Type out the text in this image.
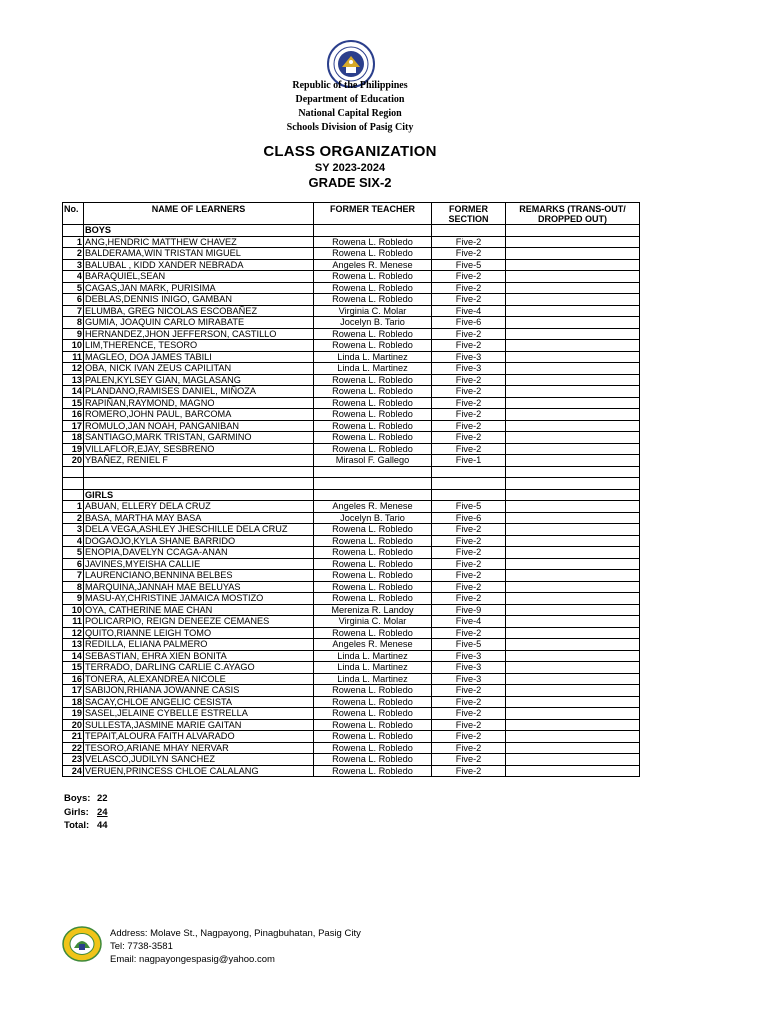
Republic of the Philippines
Department of Education
National Capital Region
Schools Division of Pasig City
CLASS ORGANIZATION
SY 2023-2024
GRADE SIX-2
No.	NAME OF LEARNERS	FORMER TEACHER	FORMER SECTION	REMARKS (TRANS-OUT/ DROPPED OUT)
	BOYS			
1	ANG,HENDRIC MATTHEW CHAVEZ	Rowena L. Robledo	Five-2	
2	BALDERAMA,WIN TRISTAN MIGUEL	Rowena L. Robledo	Five-2	
3	BALUBAL , KIDD XANDER NEBRADA	Angeles R. Menese	Five-5	
4	BARAQUIEL,SEAN	Rowena L. Robledo	Five-2	
5	CAGAS,JAN MARK, PURISIMA	Rowena L. Robledo	Five-2	
6	DEBLAS,DENNIS INIGO, GAMBAN	Rowena L. Robledo	Five-2	
7	ELUMBA, GREG NICOLAS ESCOBAÑEZ	Virginia C. Molar	Five-4	
8	GUMIA, JOAQUIN CARLO MIRABATE	Jocelyn B. Tario	Five-6	
9	HERNANDEZ,JHON JEFFERSON, CASTILLO	Rowena L. Robledo	Five-2	
10	LIM,THERENCE, TESORO	Rowena L. Robledo	Five-2	
11	MAGLEO, DOA JAMES TABILI	Linda L. Martinez	Five-3	
12	OBA, NICK IVAN ZEUS CAPILITAN	Linda L. Martinez	Five-3	
13	PALEN,KYLSEY GIAN, MAGLASANG	Rowena L. Robledo	Five-2	
14	PLANDANO,RAMISES DANIEL, MIÑOZA	Rowena L. Robledo	Five-2	
15	RAPIÑAN,RAYMOND, MAGNO	Rowena L. Robledo	Five-2	
16	ROMERO,JOHN PAUL, BARCOMA	Rowena L. Robledo	Five-2	
17	ROMULO,JAN NOAH, PANGANIBAN	Rowena L. Robledo	Five-2	
18	SANTIAGO,MARK TRISTAN, GARMINO	Rowena L. Robledo	Five-2	
19	VILLAFLOR,EJAY, SESBRENO	Rowena L. Robledo	Five-2	
20	YBAÑEZ, RENIEL F	Mirasol F. Gallego	Five-1	

	GIRLS			
1	ABUAN, ELLERY DELA CRUZ	Angeles R. Menese	Five-5	
2	BASA, MARTHA MAY BASA	Jocelyn B. Tario	Five-6	
3	DELA VEGA,ASHLEY JHESCHILLE DELA CRUZ	Rowena L. Robledo	Five-2	
4	DOGAOJO,KYLA SHANE BARRIDO	Rowena L. Robledo	Five-2	
5	ENOPIA,DAVELYN CCAGA-ANAN	Rowena L. Robledo	Five-2	
6	JAVINES,MYEISHA CALLIE	Rowena L. Robledo	Five-2	
7	LAURENCIANO,BENNINA BELBES	Rowena L. Robledo	Five-2	
8	MARQUINA,JANNAH MAE BELUYAS	Rowena L. Robledo	Five-2	
9	MASU-AY,CHRISTINE JAMAICA MOSTIZO	Rowena L. Robledo	Five-2	
10	OYA, CATHERINE MAE CHAN	Mereniza R. Landoy	Five-9	
11	POLICARPIO, REIGN DENEEZE CEMANES	Virginia C. Molar	Five-4	
12	QUITO,RIANNE LEIGH TOMO	Rowena L. Robledo	Five-2	
13	REDILLA, ELIANA PALMERO	Angeles R. Menese	Five-5	
14	SEBASTIAN, EHRA XIEN BONITA	Linda L. Martinez	Five-3	
15	TERRADO, DARLING CARLIE C.AYAGO	Linda L. Martinez	Five-3	
16	TONERA, ALEXANDREA NICOLE	Linda L. Martinez	Five-3	
17	SABIJON,RHIANA JOWANNE CASIS	Rowena L. Robledo	Five-2	
18	SACAY,CHLOE ANGELIC CESISTA	Rowena L. Robledo	Five-2	
19	SASEL,JELAINE CYBELLE ESTRELLA	Rowena L. Robledo	Five-2	
20	SULLESTA,JASMINE MARIE GAITAN	Rowena L. Robledo	Five-2	
21	TEPAIT,ALOURA FAITH ALVARADO	Rowena L. Robledo	Five-2	
22	TESORO,ARIANE MHAY NERVAR	Rowena L. Robledo	Five-2	
23	VELASCO,JUDILYN SANCHEZ	Rowena L. Robledo	Five-2	
24	VERUEN,PRINCESS CHLOE CALALANG	Rowena L. Robledo	Five-2	
Boys: 22
Girls: 24
Total: 44
Address: Molave St., Nagpayong, Pinagbuhatan, Pasig City
Tel: 7738-3581
Email: nagpayongespasig@yahoo.com
